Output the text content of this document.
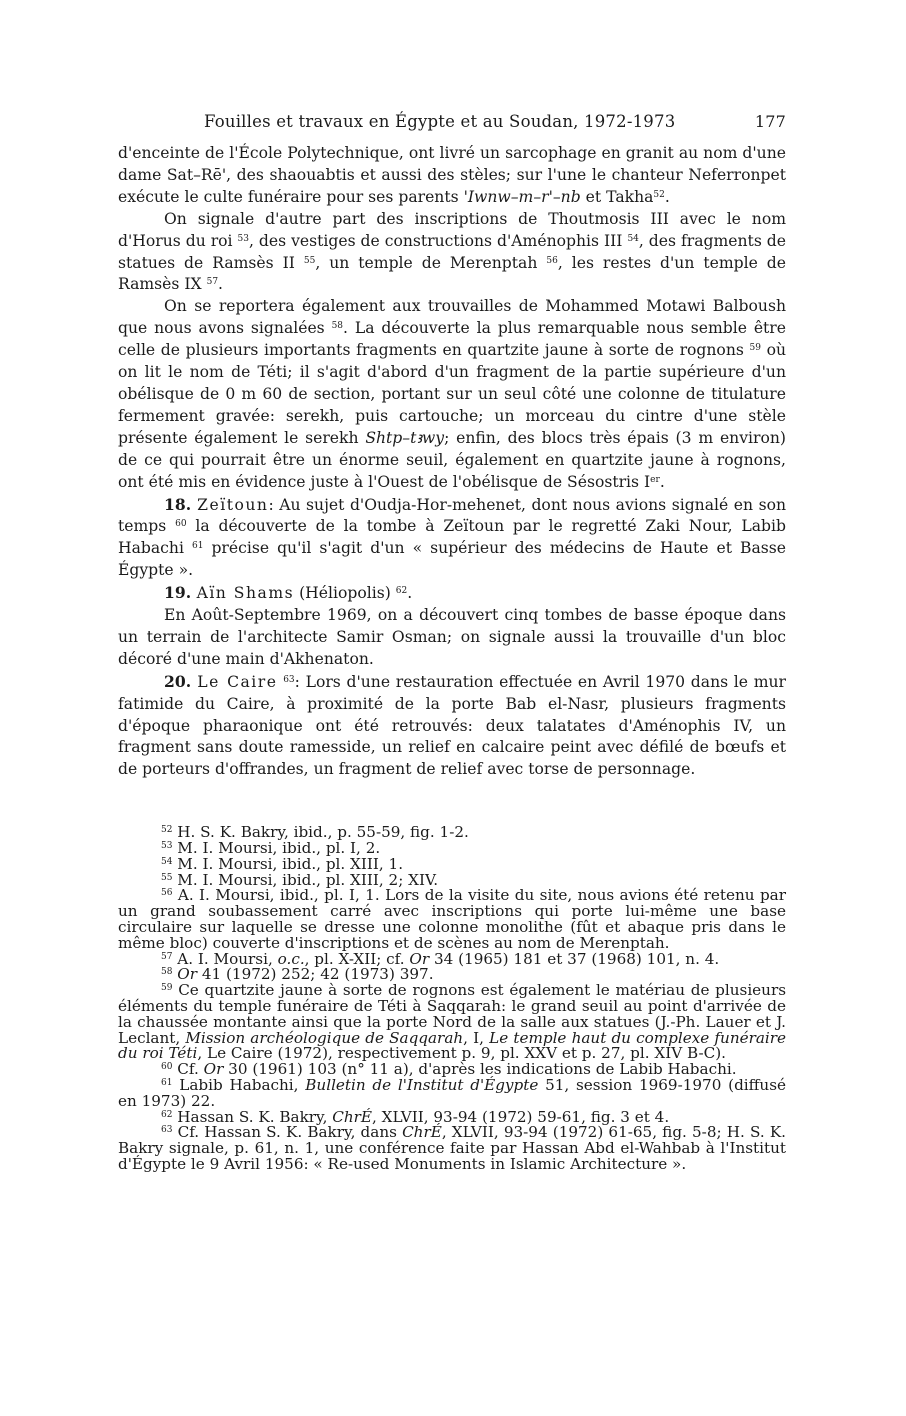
Fouilles et travaux en Égypte et au Soudan, 1972-1973	177

d'enceinte de l'École Polytechnique, ont livré un sarcophage en granit au nom d'une dame Sat–Rē', des shaouabtis et aussi des stèles; sur l'une le chanteur Neferronpet exécute le culte funéraire pour ses parents 'Iwnw–m–r'–nb et Takha$^{52}$.

On signale d'autre part des inscriptions de Thoutmosis III avec le nom d'Horus du roi $^{53}$, des vestiges de constructions d'Aménophis III $^{54}$, des fragments de statues de Ramsès II $^{55}$, un temple de Merenptah $^{56}$, les restes d'un temple de Ramsès IX $^{57}$.

On se reportera également aux trouvailles de Mohammed Motawi Balboush que nous avons signalées $^{58}$. La découverte la plus remarquable nous semble être celle de plusieurs importants fragments en quartzite jaune à sorte de rognons $^{59}$ où on lit le nom de Téti; il s'agit d'abord d'un fragment de la partie supérieure d'un obélisque de 0 m 60 de section, portant sur un seul côté une colonne de titulature fermement gravée: serekh, puis cartouche; un morceau du cintre d'une stèle présente également le serekh Shtp–tꜣwy; enfin, des blocs très épais (3 m environ) de ce qui pourrait être un énorme seuil, également en quartzite jaune à rognons, ont été mis en évidence juste à l'Ouest de l'obélisque de Sésostris Ier.

18. Zeïtoun: Au sujet d'Oudja-Hor-mehenet, dont nous avions signalé en son temps $^{60}$ la découverte de la tombe à Zeïtoun par le regretté Zaki Nour, Labib Habachi $^{61}$ précise qu'il s'agit d'un « supérieur des médecins de Haute et Basse Égypte ».

19. Aïn Shams (Héliopolis) $^{62}$.

En Août-Septembre 1969, on a découvert cinq tombes de basse époque dans un terrain de l'architecte Samir Osman; on signale aussi la trouvaille d'un bloc décoré d'une main d'Akhenaton.

20. Le Caire $^{63}$: Lors d'une restauration effectuée en Avril 1970 dans le mur fatimide du Caire, à proximité de la porte Bab el-Nasr, plusieurs fragments d'époque pharaonique ont été retrouvés: deux talatates d'Aménophis IV, un fragment sans doute ramesside, un relief en calcaire peint avec défilé de bœufs et de porteurs d'offrandes, un fragment de relief avec torse de personnage.

$^{52}$ H. S. K. Bakry, ibid., p. 55-59, fig. 1-2.

$^{53}$ M. I. Moursi, ibid., pl. I, 2.

$^{54}$ M. I. Moursi, ibid., pl. XIII, 1.

$^{55}$ M. I. Moursi, ibid., pl. XIII, 2; XIV.

$^{56}$ A. I. Moursi, ibid., pl. I, 1. Lors de la visite du site, nous avions été retenu par un grand soubassement carré avec inscriptions qui porte lui-même une base circulaire sur laquelle se dresse une colonne monolithe (fût et abaque pris dans le même bloc) couverte d'inscriptions et de scènes au nom de Merenptah.

$^{57}$ A. I. Moursi, o.c., pl. X-XII; cf. Or 34 (1965) 181 et 37 (1968) 101, n. 4.

$^{58}$ Or 41 (1972) 252; 42 (1973) 397.

$^{59}$ Ce quartzite jaune à sorte de rognons est également le matériau de plusieurs éléments du temple funéraire de Téti à Saqqarah: le grand seuil au point d'arrivée de la chaussée montante ainsi que la porte Nord de la salle aux statues (J.-Ph. Lauer et J. Leclant, Mission archéologique de Saqqarah, I, Le temple haut du complexe funéraire du roi Téti, Le Caire (1972), respectivement p. 9, pl. XXV et p. 27, pl. XIV B-C).

$^{60}$ Cf. Or 30 (1961) 103 (n° 11 a), d'après les indications de Labib Habachi.

$^{61}$ Labib Habachi, Bulletin de l'Institut d'Égypte 51, session 1969-1970 (diffusé en 1973) 22.

$^{62}$ Hassan S. K. Bakry, ChrÉ, XLVII, 93-94 (1972) 59-61, fig. 3 et 4.

$^{63}$ Cf. Hassan S. K. Bakry, dans ChrÉ, XLVII, 93-94 (1972) 61-65, fig. 5-8; H. S. K. Bakry signale, p. 61, n. 1, une conférence faite par Hassan Abd el-Wahbab à l'Institut d'Égypte le 9 Avril 1956: « Re-used Monuments in Islamic Architecture ».
